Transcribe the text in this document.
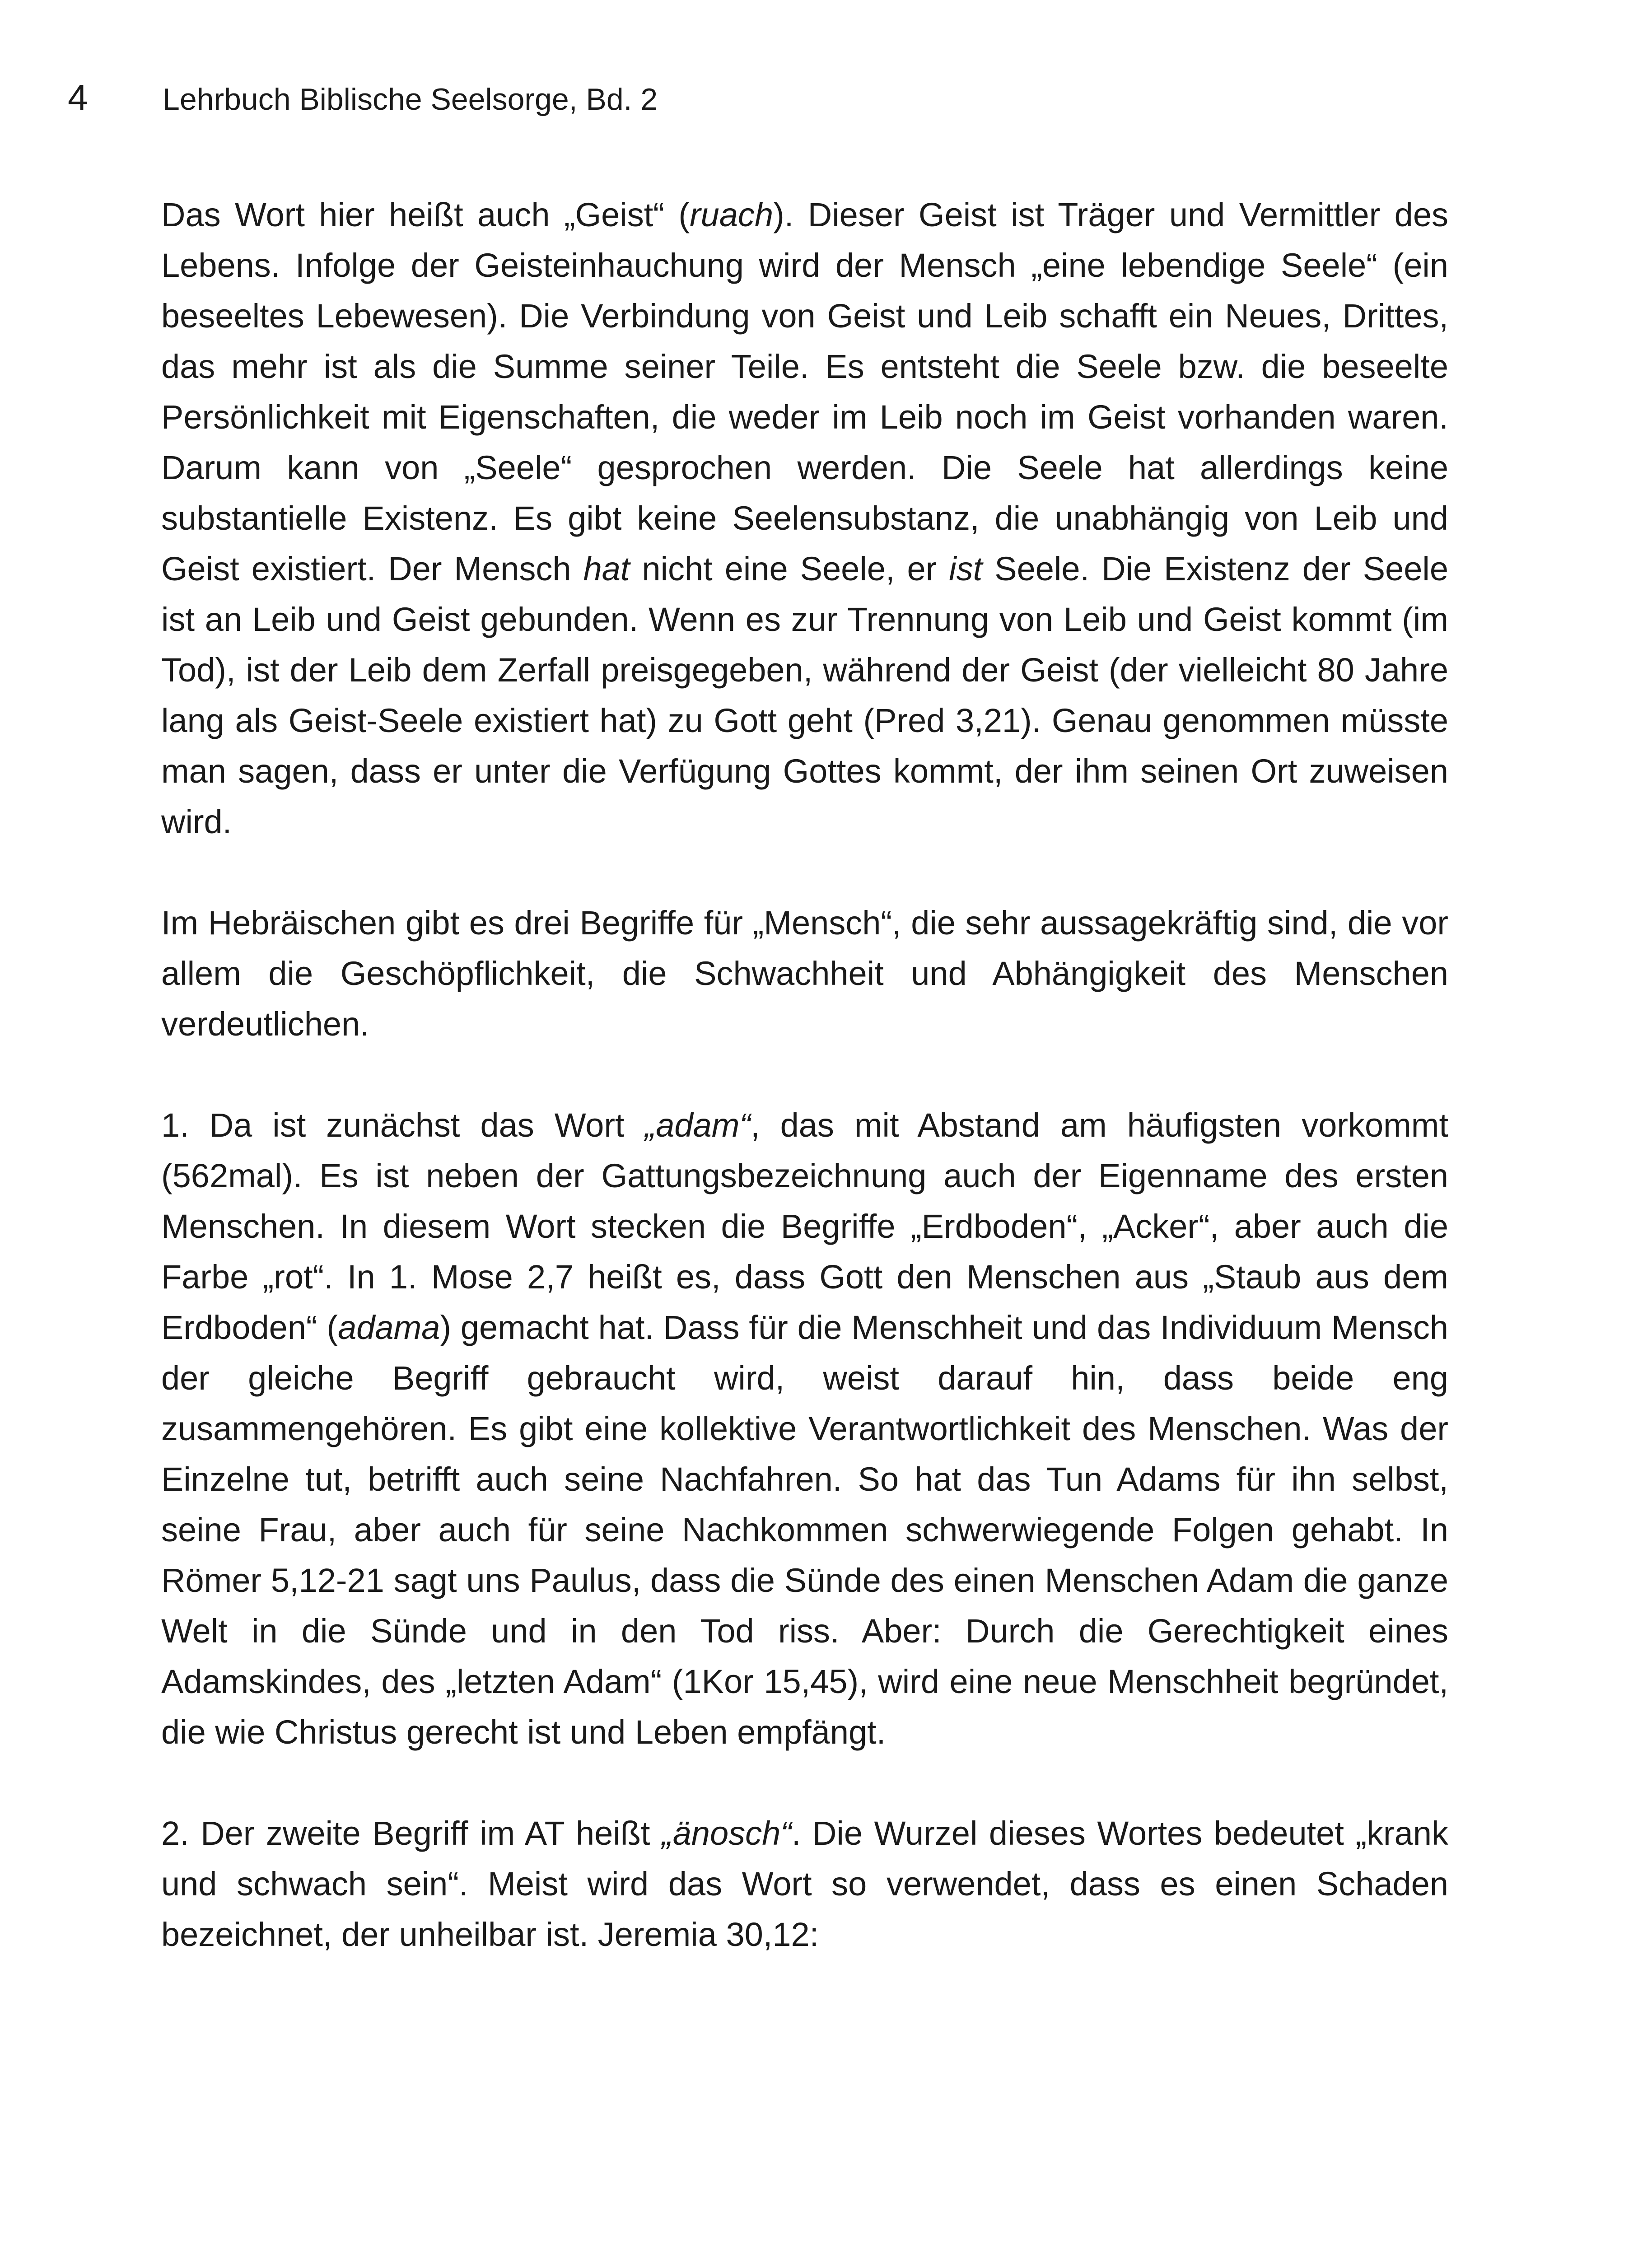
4	Lehrbuch Biblische Seelsorge, Bd. 2

Das Wort hier heißt auch „Geist“ (ruach). Dieser Geist ist Träger und Vermittler des Lebens. Infolge der Geisteinhauchung wird der Mensch „eine lebendige Seele“ (ein beseeltes Lebewesen). Die Verbindung von Geist und Leib schafft ein Neues, Drittes, das mehr ist als die Summe seiner Teile. Es entsteht die Seele bzw. die beseelte Persönlichkeit mit Eigenschaften, die weder im Leib noch im Geist vorhanden waren. Darum kann von „Seele“ gesprochen werden. Die Seele hat allerdings keine substantielle Existenz. Es gibt keine Seelensubstanz, die unabhängig von Leib und Geist existiert. Der Mensch hat nicht eine Seele, er ist Seele. Die Existenz der Seele ist an Leib und Geist gebunden. Wenn es zur Trennung von Leib und Geist kommt (im Tod), ist der Leib dem Zerfall preisgegeben, während der Geist (der vielleicht 80 Jahre lang als Geist-Seele existiert hat) zu Gott geht (Pred 3,21). Genau genommen müsste man sagen, dass er unter die Verfügung Gottes kommt, der ihm seinen Ort zuweisen wird.

Im Hebräischen gibt es drei Begriffe für „Mensch“, die sehr aussagekräftig sind, die vor allem die Geschöpflichkeit, die Schwachheit und Abhängigkeit des Menschen verdeutlichen.

1. Da ist zunächst das Wort „adam“, das mit Abstand am häufigsten vorkommt (562mal). Es ist neben der Gattungsbezeichnung auch der Eigenname des ersten Menschen. In diesem Wort stecken die Begriffe „Erdboden“, „Acker“, aber auch die Farbe „rot“. In 1. Mose 2,7 heißt es, dass Gott den Menschen aus „Staub aus dem Erdboden“ (adama) gemacht hat. Dass für die Menschheit und das Individuum Mensch der gleiche Begriff gebraucht wird, weist darauf hin, dass beide eng zusammengehören. Es gibt eine kollektive Verantwortlichkeit des Menschen. Was der Einzelne tut, betrifft auch seine Nachfahren. So hat das Tun Adams für ihn selbst, seine Frau, aber auch für seine Nachkommen schwerwiegende Folgen gehabt. In Römer 5,12-21 sagt uns Paulus, dass die Sünde des einen Menschen Adam die ganze Welt in die Sünde und in den Tod riss. Aber: Durch die Gerechtigkeit eines Adamskindes, des „letzten Adam“ (1Kor 15,45), wird eine neue Menschheit begründet, die wie Christus gerecht ist und Leben empfängt.

2. Der zweite Begriff im AT heißt „änosch“. Die Wurzel dieses Wortes bedeutet „krank und schwach sein“. Meist wird das Wort so verwendet, dass es einen Schaden bezeichnet, der unheilbar ist. Jeremia 30,12:
